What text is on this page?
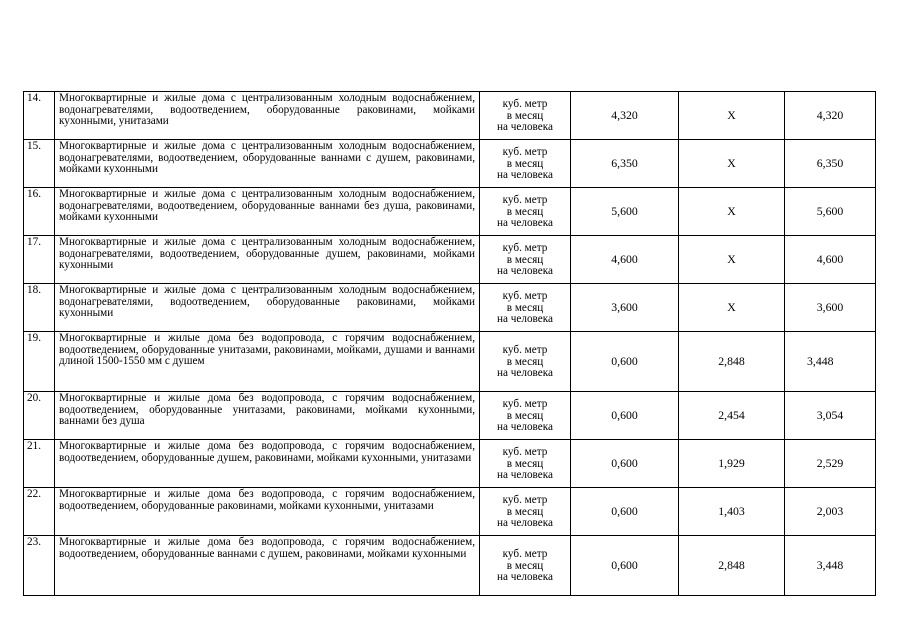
14.	Многоквартирные и жилые дома с централизованным холодным водоснабжением, водонагревателями, водоотведением, оборудованные раковинами, мойками кухонными, унитазами	куб. метр
в месяц
на человека	4,320	Х	4,320
15.	Многоквартирные и жилые дома с централизованным холодным водоснабжением, водонагревателями, водоотведением, оборудованные ваннами с душем, раковинами, мойками кухонными	куб. метр
в месяц
на человека	6,350	Х	6,350
16.	Многоквартирные и жилые дома с централизованным холодным водоснабжением, водонагревателями, водоотведением, оборудованные ваннами без душа, раковинами, мойками кухонными	куб. метр
в месяц
на человека	5,600	Х	5,600
17.	Многоквартирные и жилые дома с централизованным холодным водоснабжением, водонагревателями, водоотведением, оборудованные душем, раковинами, мойками кухонными	куб. метр
в месяц
на человека	4,600	Х	4,600
18.	Многоквартирные и жилые дома с централизованным холодным водоснабжением, водонагревателями, водоотведением, оборудованные раковинами, мойками кухонными	куб. метр
в месяц
на человека	3,600	Х	3,600
19.	Многоквартирные и жилые дома без водопровода, с горячим водоснабжением, водоотведением, оборудованные унитазами, раковинами, мойками, душами и ваннами длиной 1500-1550 мм с душем	куб. метр
в месяц
на человека	0,600	2,848	3,448
20.	Многоквартирные и жилые дома без водопровода, с горячим водоснабжением, водоотведением, оборудованные унитазами, раковинами, мойками кухонными, ваннами без душа	куб. метр
в месяц
на человека	0,600	2,454	3,054
21.	Многоквартирные и жилые дома без водопровода, с горячим водоснабжением, водоотведением, оборудованные душем, раковинами, мойками кухонными, унитазами	куб. метр
в месяц
на человека	0,600	1,929	2,529
22.	Многоквартирные и жилые дома без водопровода, с горячим водоснабжением, водоотведением, оборудованные раковинами, мойками кухонными, унитазами	куб. метр
в месяц
на человека	0,600	1,403	2,003
23.	Многоквартирные и жилые дома без водопровода, с горячим водоснабжением, водоотведением, оборудованные ваннами с душем, раковинами, мойками кухонными	куб. метр
в месяц
на человека	0,600	2,848	3,448
